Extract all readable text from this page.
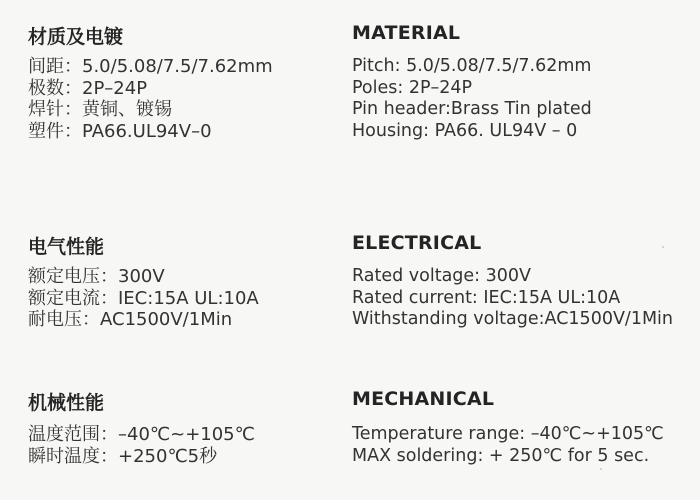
材质及电镀
间距：5.0/5.08/7.5/7.62mm
极数：2P–24P
焊针：黄铜、镀锡
塑件：PA66.UL94V–0
电气性能
额定电压：300V
额定电流：IEC:15A UL:10A
耐电压：AC1500V/1Min
机械性能
温度范围：–40℃~+105℃
瞬时温度：+250℃5秒
MATERIAL
Pitch: 5.0/5.08/7.5/7.62mm
Poles: 2P–24P
Pin header:Brass Tin plated
Housing: PA66. UL94V – 0
ELECTRICAL
Rated voltage: 300V
Rated current: IEC:15A UL:10A
Withstanding voltage:AC1500V/1Min
MECHANICAL
Temperature range: –40℃~+105℃
MAX soldering: + 250℃ for 5 sec.
